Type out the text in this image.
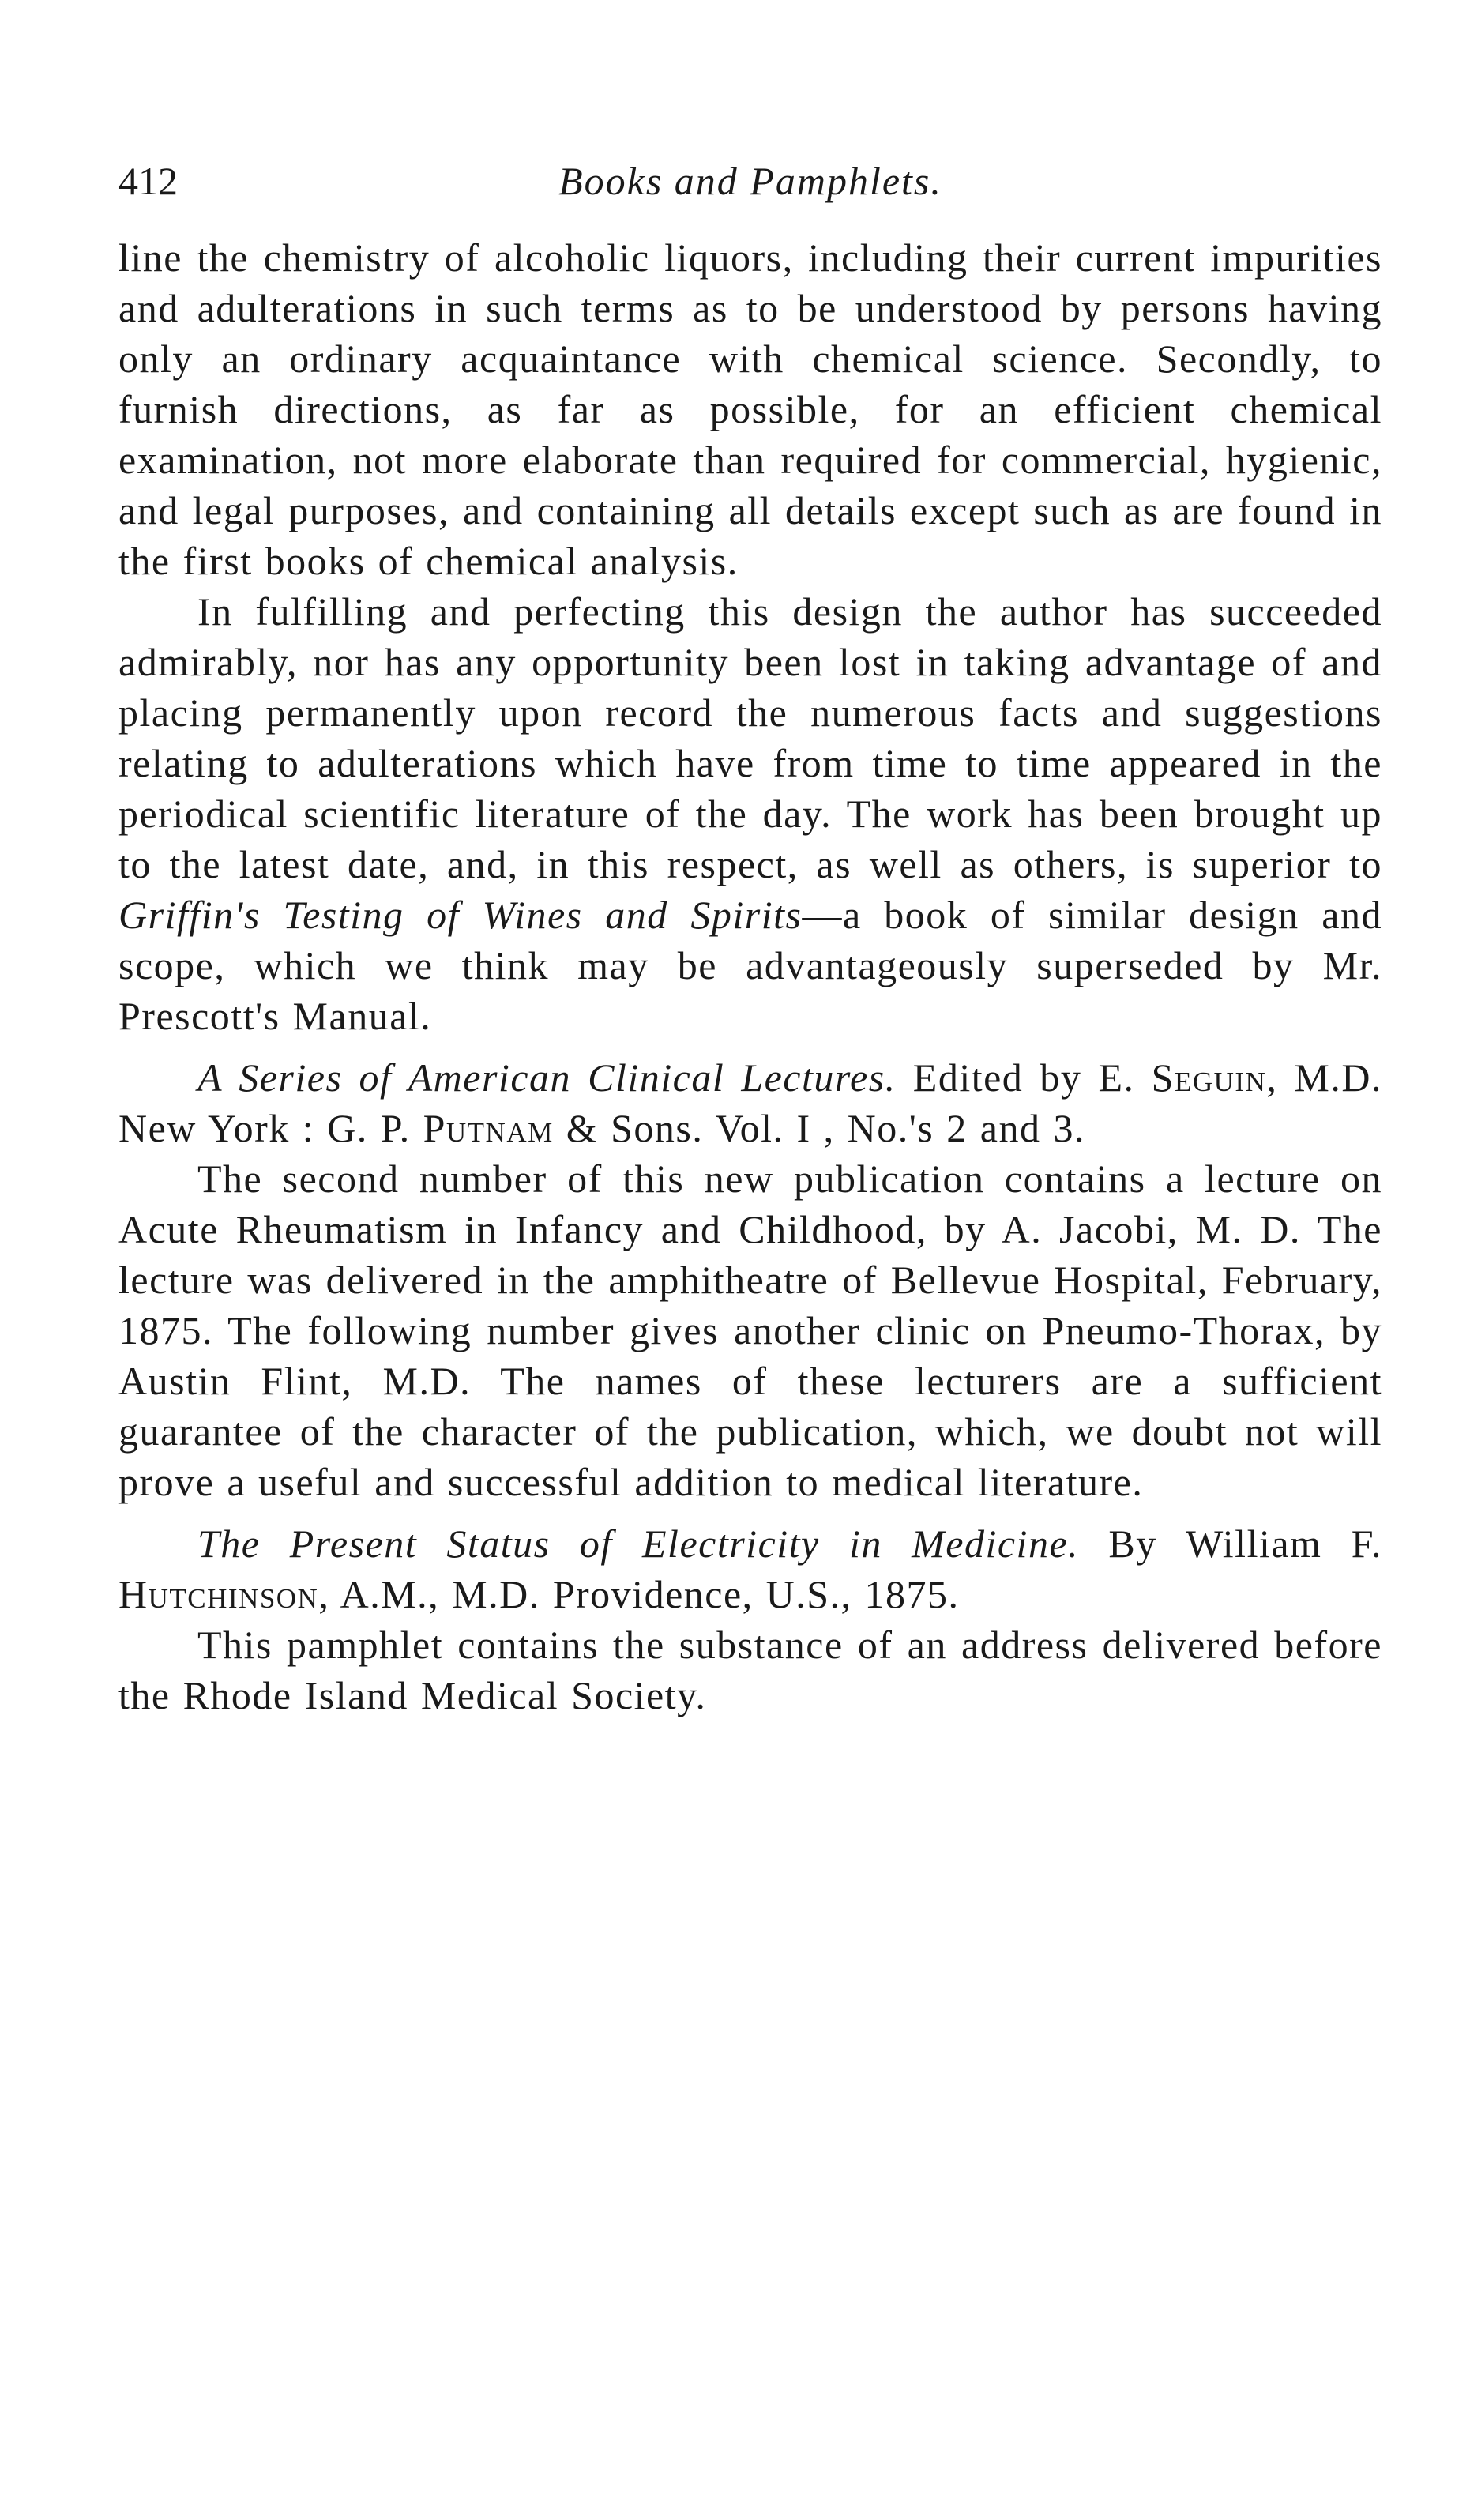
412	Books and Pamphlets.

line the chemistry of alcoholic liquors, including their current impurities and adulterations in such terms as to be understood by persons having only an ordinary acquaintance with chemical science. Secondly, to furnish directions, as far as possible, for an efficient chemical examination, not more elaborate than required for commercial, hygienic, and legal purposes, and containing all details except such as are found in the first books of chemical analysis.

In fulfilling and perfecting this design the author has succeeded admirably, nor has any opportunity been lost in taking advantage of and placing permanently upon record the numerous facts and suggestions relating to adulterations which have from time to time appeared in the periodical scientific literature of the day. The work has been brought up to the latest date, and, in this respect, as well as others, is superior to Griffin's Testing of Wines and Spirits—a book of similar design and scope, which we think may be advantageously superseded by Mr. Prescott's Manual.

A Series of American Clinical Lectures. Edited by E. Seguin, M.D. New York : G. P. Putnam & Sons. Vol. I , No.'s 2 and 3.

The second number of this new publication contains a lecture on Acute Rheumatism in Infancy and Childhood, by A. Jacobi, M. D. The lecture was delivered in the amphitheatre of Bellevue Hospital, February, 1875. The following number gives another clinic on Pneumo-Thorax, by Austin Flint, M.D. The names of these lecturers are a sufficient guarantee of the character of the publication, which, we doubt not will prove a useful and successful addition to medical literature.

The Present Status of Electricity in Medicine. By William F. Hutchinson, A.M., M.D. Providence, U.S., 1875.

This pamphlet contains the substance of an address delivered before the Rhode Island Medical Society.
